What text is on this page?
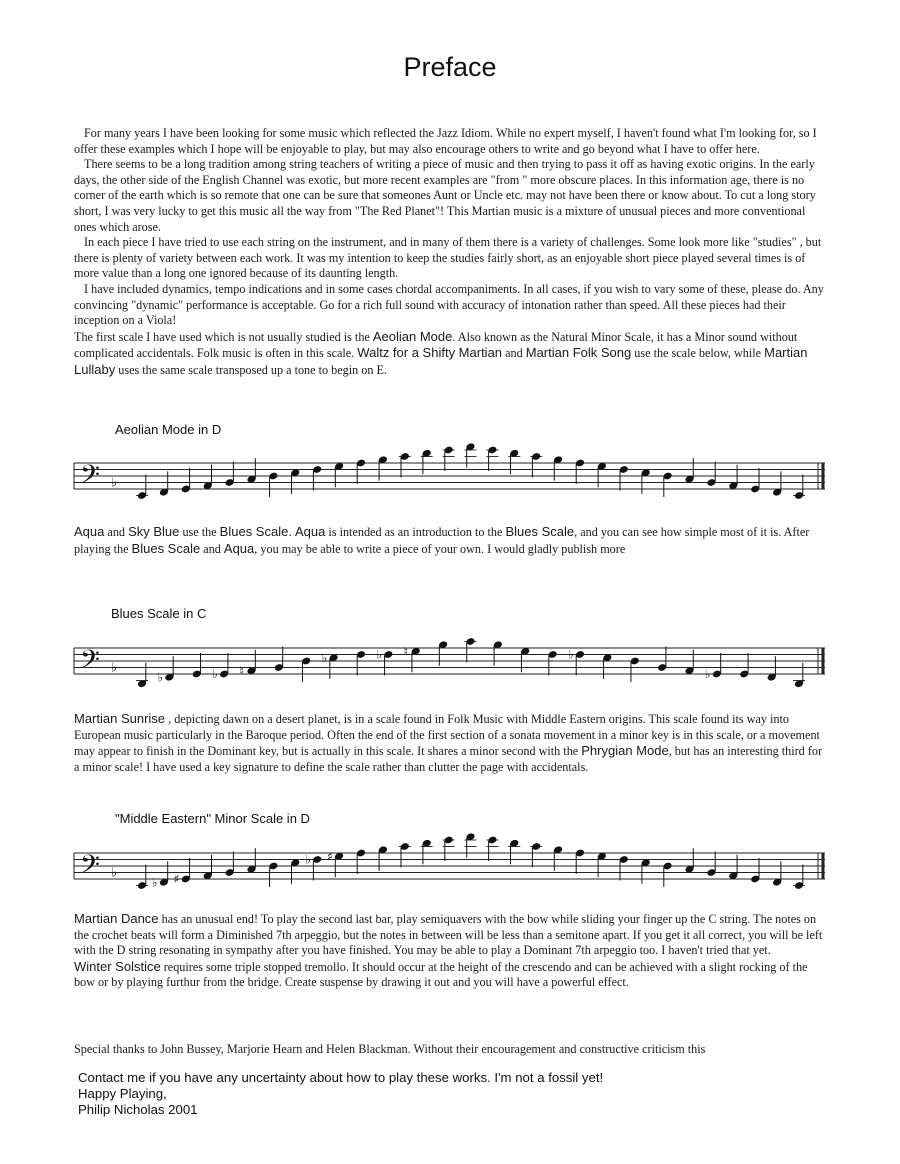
Preface
For many years I have been looking for some music which reflected the Jazz Idiom. While no expert myself, I haven't found what I'm looking for, so I offer these examples which I hope will be enjoyable to play, but may also encourage others to write and go beyond what I have to offer here.
There seems to be a long tradition among string teachers of writing a piece of music and then trying to pass it off as having exotic origins. In the early days, the other side of the English Channel was exotic, but more recent examples are "from " more obscure places. In this information age, there is no corner of the earth which is so remote that one can be sure that someones Aunt or Uncle etc. may not have been there or know about. To cut a long story short, I was very lucky to get this music all the way from "The Red Planet"! This Martian music is a mixture of unusual pieces and more conventional ones which arose.
In each piece I have tried to use each string on the instrument, and in many of them there is a variety of challenges. Some look more like "studies" , but there is plenty of variety between each work. It was my intention to keep the studies fairly short, as an enjoyable short piece played several times is of more value than a long one ignored because of its daunting length.
I have included dynamics, tempo indications and in some cases chordal accompaniments. In all cases, if you wish to vary some of these, please do. Any convincing "dynamic" performance is acceptable. Go for a rich full sound with accuracy of intonation rather than speed. All these pieces had their inception on a Viola!
The first scale I have used which is not usually studied is the Aeolian Mode. Also known as the Natural Minor Scale, it has a Minor sound without complicated accidentals. Folk music is often in this scale. Waltz for a Shifty Martian and Martian Folk Song use the scale below, while Martian Lullaby uses the same scale transposed up a tone to begin on E.
Aeolian Mode in D
𝄢 ♭
Aqua and Sky Blue use the Blues Scale. Aqua is intended as an introduction to the Blues Scale, and you can see how simple most of it is. After playing the Blues Scale and Aqua, you may be able to write a piece of your own. I would gladly publish more
Blues Scale in C
𝄢 ♭
♭	♭ ♮
♭	♭ ♮	♭
♭
Martian Sunrise , depicting dawn on a desert planet, is in a scale found in Folk Music with Middle Eastern origins. This scale found its way into European music particularly in the Baroque period. Often the end of the first section of a sonata movement in a minor key is in this scale, or a movement may appear to finish in the Dominant key, but is actually in this scale. It shares a minor second with the Phrygian Mode, but has an interesting third for a minor scale! I have used a key signature to define the scale rather than clutter the page with accidentals.
"Middle Eastern" Minor Scale in D
𝄢 ♭
♭ ♯
♭ ♯
Martian Dance has an unusual end! To play the second last bar, play semiquavers with the bow while sliding your finger up the C string. The notes on the crochet beats will form a Diminished 7th arpeggio, but the notes in between will be less than a semitone apart. If you get it all correct, you will be left with the D string resonating in sympathy after you have finished. You may be able to play a Dominant 7th arpeggio too. I haven't tried that yet.
Winter Solstice requires some triple stopped tremollo. It should occur at the height of the crescendo and can be achieved with a slight rocking of the bow or by playing furthur from the bridge. Create suspense by drawing it out and you will have a powerful effect.
Special thanks to John Bussey, Marjorie Hearn and Helen Blackman. Without their encouragement and constructive criticism this
Contact me if you have any uncertainty about how to play these works. I'm not a fossil yet!
Happy Playing,
Philip Nicholas 2001
